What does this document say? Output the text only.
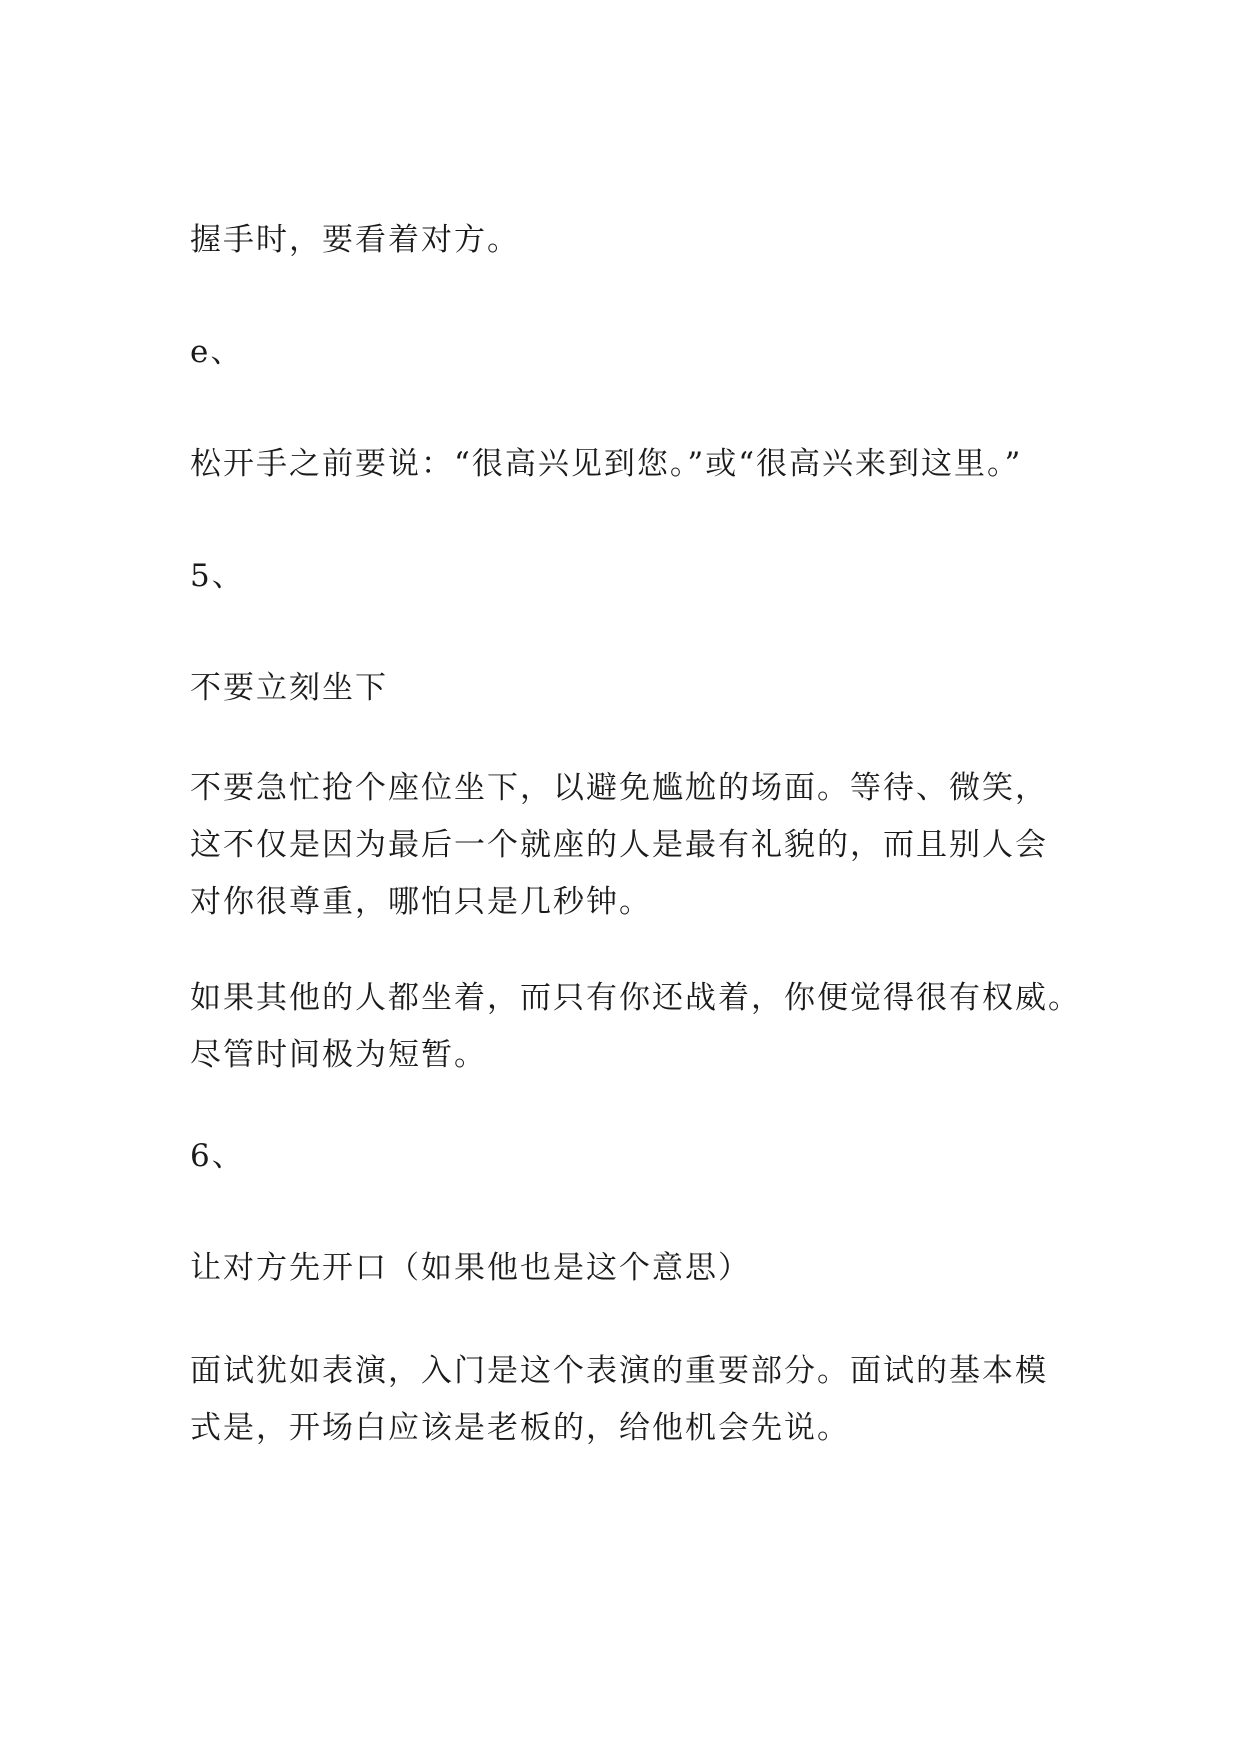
握手时，要看着对方。
e、
松开手之前要说：“很高兴见到您。”或“很高兴来到这里。”
5、
不要立刻坐下
不要急忙抢个座位坐下，以避免尴尬的场面。等待、微笑，
这不仅是因为最后一个就座的人是最有礼貌的，而且别人会
对你很尊重，哪怕只是几秒钟。
如果其他的人都坐着，而只有你还战着，你便觉得很有权威。
尽管时间极为短暂。
6、
让对方先开口（如果他也是这个意思）
面试犹如表演，入门是这个表演的重要部分。面试的基本模
式是，开场白应该是老板的，给他机会先说。
